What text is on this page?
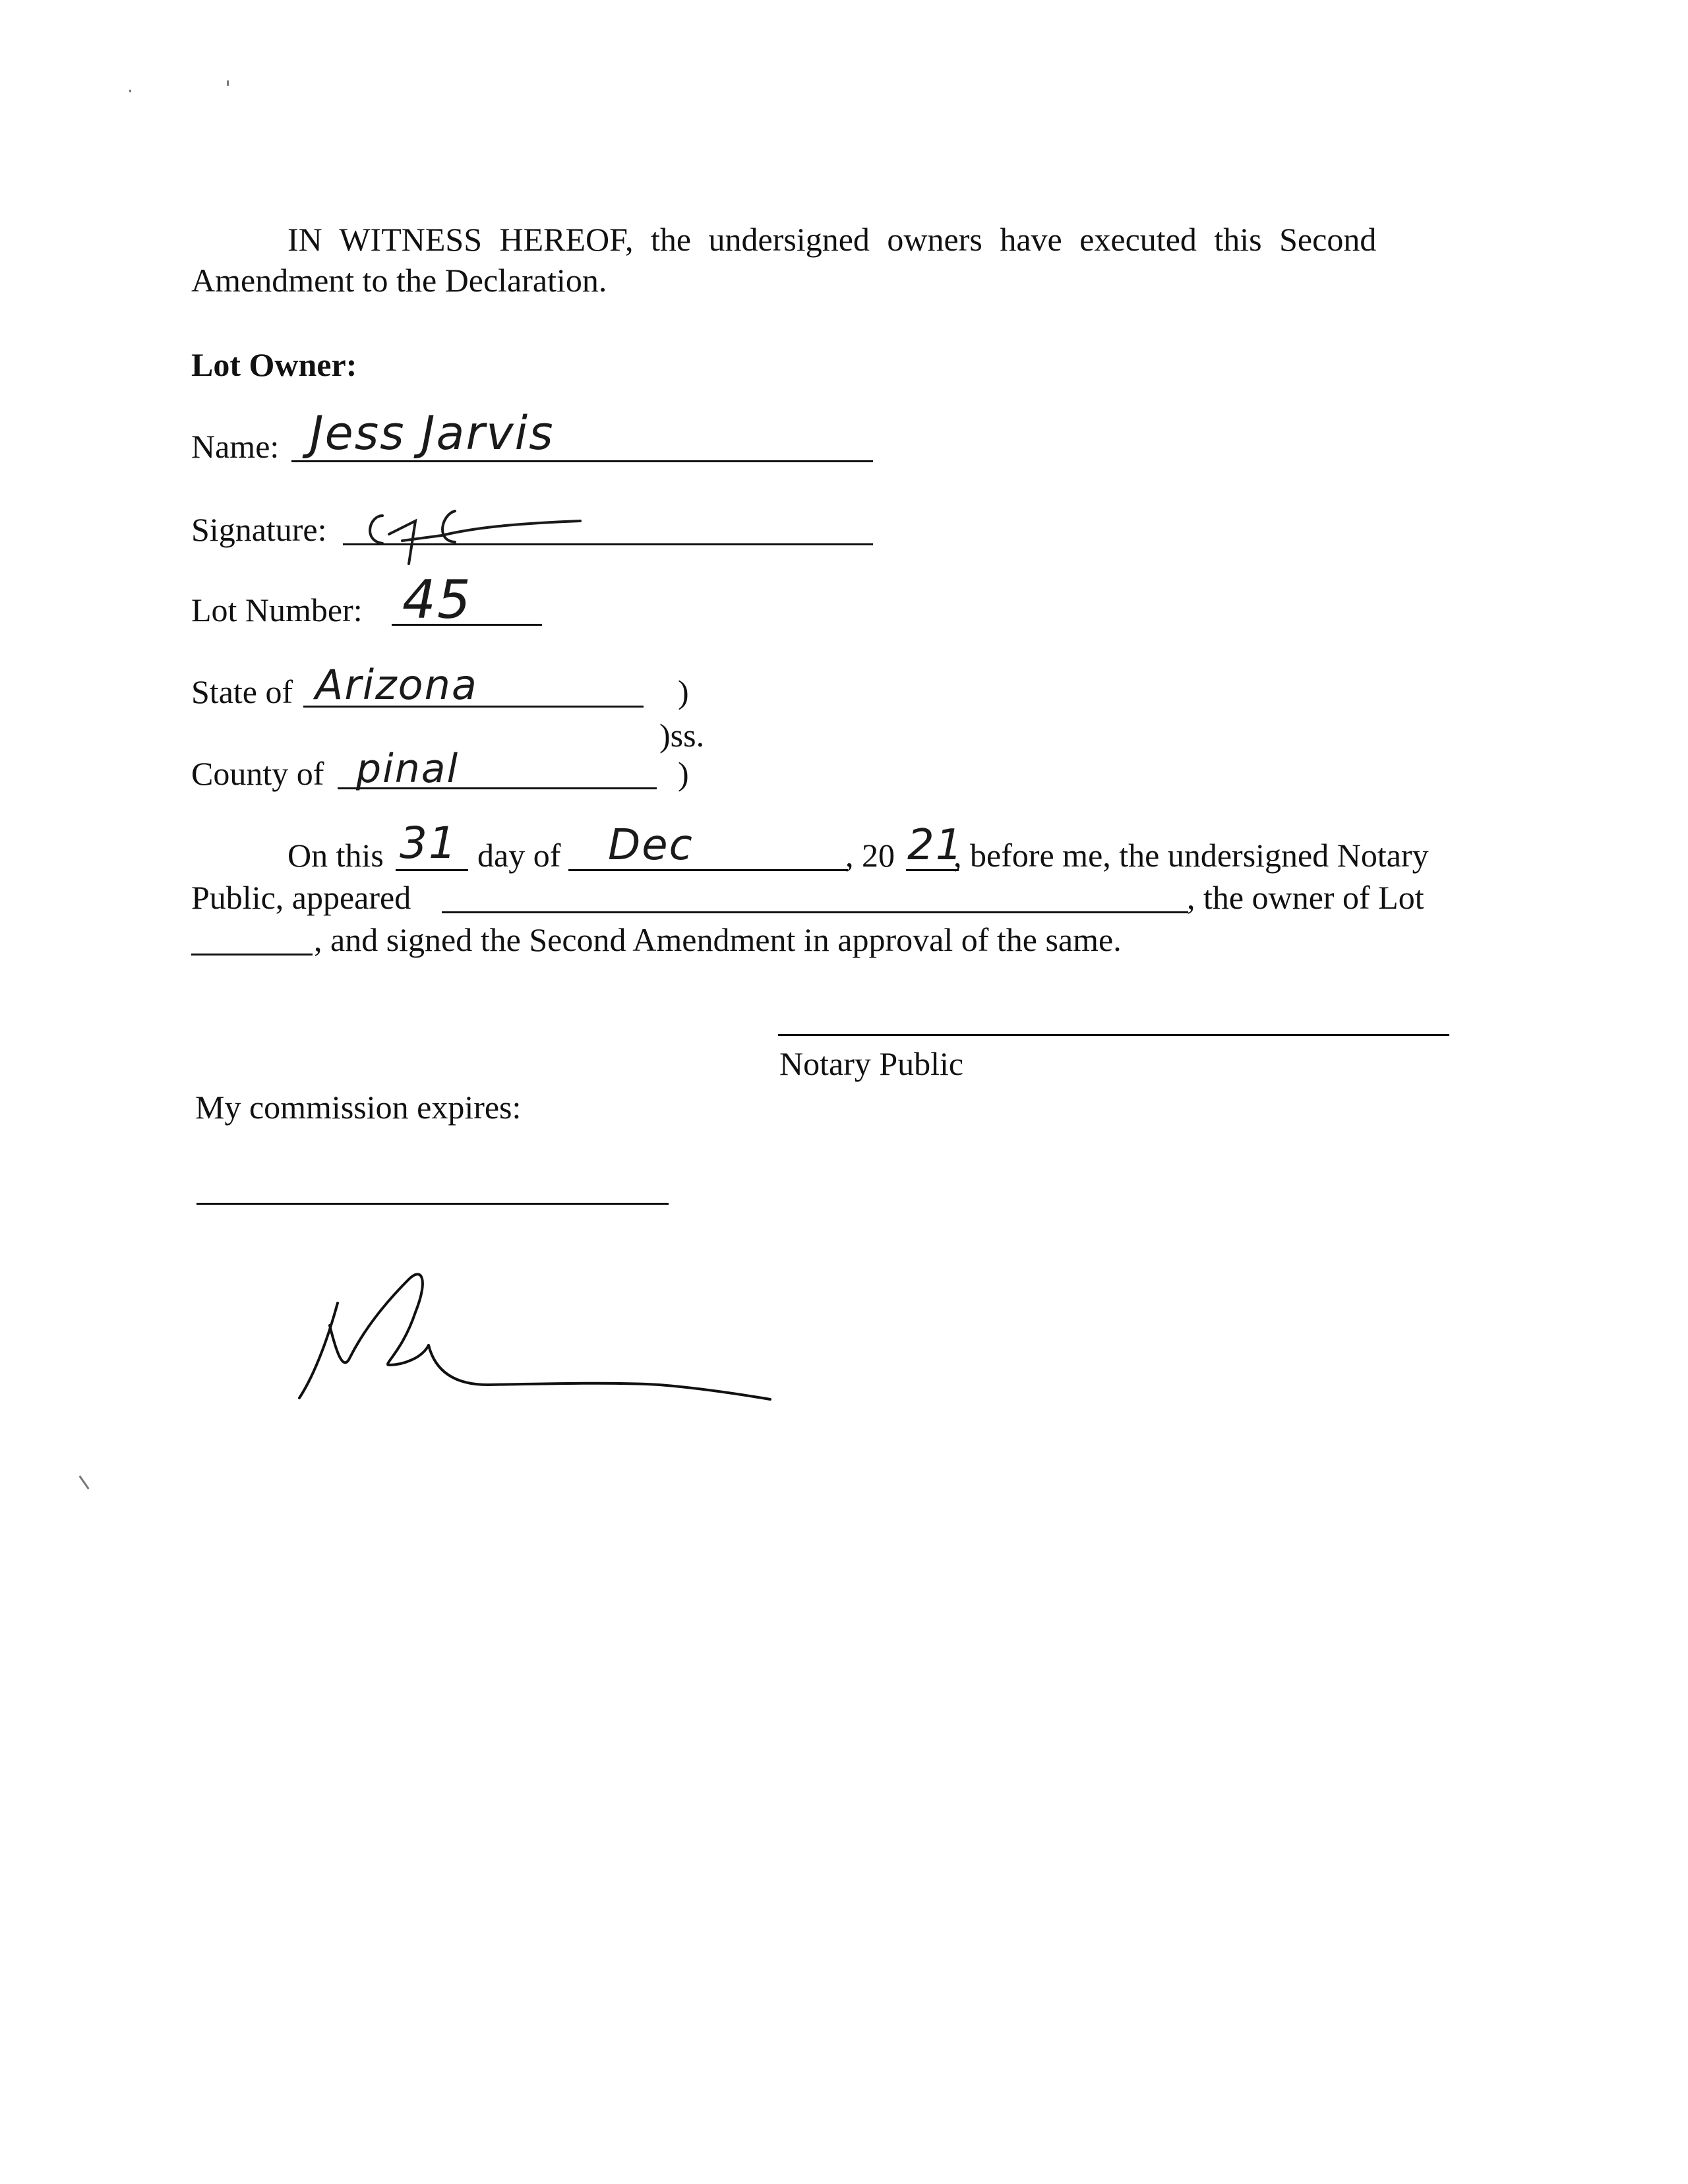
IN WITNESS HEREOF, the undersigned owners have executed this Second
Amendment to the Declaration.
Lot Owner:
Name: Jess Jarvis
Signature:
Lot Number: 45
State of Arizona	)
)ss.
County of pinal	)
On this 31 day of Dec	, 20 21
, before me, the undersigned Notary
Public, appeared	, the owner of Lot
, and signed the Second Amendment in approval of the same.
Notary Public
My commission expires:
